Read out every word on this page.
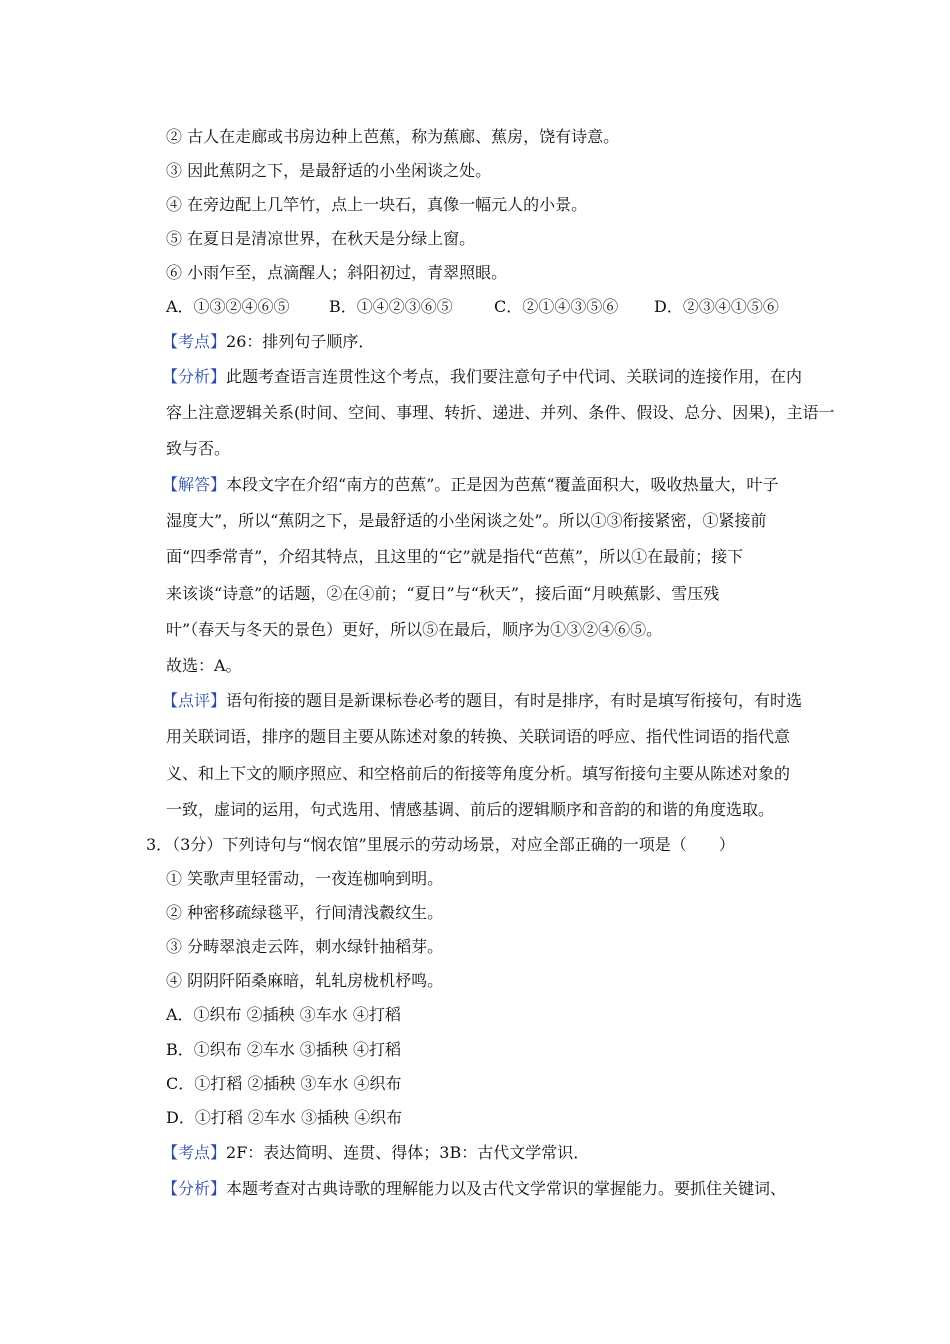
② 古人在走廊或书房边种上芭蕉，称为蕉廊、蕉房，饶有诗意。
③ 因此蕉阴之下，是最舒适的小坐闲谈之处。
④ 在旁边配上几竿竹，点上一块石，真像一幅元人的小景。
⑤ 在夏日是清凉世界，在秋天是分绿上窗。
⑥ 小雨乍至，点滴醒人；斜阳初过，青翠照眼。
A．①③②④⑥⑤ B．①④②③⑥⑤	C．②①④③⑤⑥ D．②③④①⑤⑥
【考点】26：排列句子顺序．
【分析】此题考查语言连贯性这个考点，我们要注意句子中代词、关联词的连接作用，在内
容上注意逻辑关系(时间、空间、事理、转折、递进、并列、条件、假设、总分、因果)，主语一
致与否。
【解答】本段文字在介绍“南方的芭蕉”。正是因为芭蕉“覆盖面积大，吸收热量大，叶子
湿度大”，所以“蕉阴之下，是最舒适的小坐闲谈之处”。所以①③衔接紧密，①紧接前
面“四季常青”，介绍其特点，且这里的“它”就是指代“芭蕉”，所以①在最前；接下
来该谈“诗意”的话题，②在④前；“夏日”与“秋天”，接后面“月映蕉影、雪压残
叶”（春天与冬天的景色）更好，所以⑤在最后，顺序为①③②④⑥⑤。
故选：A。
【点评】语句衔接的题目是新课标卷必考的题目，有时是排序，有时是填写衔接句，有时选
用关联词语，排序的题目主要从陈述对象的转换、关联词语的呼应、指代性词语的指代意
义、和上下文的顺序照应、和空格前后的衔接等角度分析。填写衔接句主要从陈述对象的
一致，虚词的运用，句式选用、情感基调、前后的逻辑顺序和音韵的和谐的角度选取。
3．（3分）下列诗句与“悯农馆”里展示的劳动场景，对应全部正确的一项是（　　）
① 笑歌声里轻雷动，一夜连枷响到明。
② 种密移疏绿毯平，行间清浅縠纹生。
③ 分畴翠浪走云阵，刺水绿针抽稻芽。
④ 阴阴阡陌桑麻暗，轧轧房栊机杼鸣。
A．①织布 ②插秧 ③车水 ④打稻
B．①织布 ②车水 ③插秧 ④打稻
C．①打稻 ②插秧 ③车水 ④织布
D．①打稻 ②车水 ③插秧 ④织布
【考点】2F：表达简明、连贯、得体；3B：古代文学常识．
【分析】本题考查对古典诗歌的理解能力以及古代文学常识的掌握能力。要抓住关键词、
